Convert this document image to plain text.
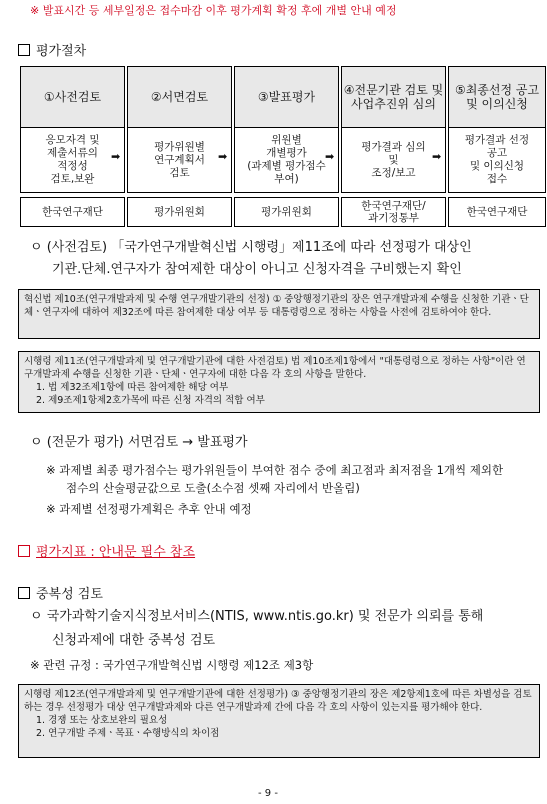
※ 발표시간 등 세부일정은 접수마감 이후 평가계획 확정 후에 개별 안내 예정
평가절차
①사전검토
응모자격 및
제출서류의
적정성
검토,보완
한국연구재단
➡
②서면검토
평가위원별
연구계획서
검토
평가위원회
➡
③발표평가
위원별
개별평가
(과제별 평가점수
부여)
평가위원회
➡
④전문기관 검토 및 사업추진위 심의
평가결과 심의
및
조정/보고
한국연구재단/
과기정통부
➡
⑤최종선정 공고 및 이의신청
평가결과 선정
공고
및 이의신청
접수
한국연구재단
ㅇ (사전검토) 「국가연구개발혁신법 시행령」제11조에 따라 선정평가 대상인
기관.단체.연구자가 참여제한 대상이 아니고 신청자격을 구비했는지 확인
혁신법 제10조(연구개발과제 및 수행 연구개발기관의 선정) ① 중앙행정기관의 장은 연구개발과제 수행을 신청한 기관ㆍ단체ㆍ연구자에 대하여 제32조에 따른 참여제한 대상 여부 등 대통령령으로 정하는 사항을 사전에 검토하여야 한다.
시행령 제11조(연구개발과제 및 연구개발기관에 대한 사전검토) 법 제10조제1항에서 "대통령령으로 정하는 사항"이란 연구개발과제 수행을 신청한 기관ㆍ단체ㆍ연구자에 대한 다음 각 호의 사항을 말한다.
1. 법 제32조제1항에 따른 참여제한 해당 여부
2. 제9조제1항제2호가목에 따른 신청 자격의 적합 여부
ㅇ (전문가 평가) 서면검토 → 발표평가
※ 과제별 최종 평가점수는 평가위원들이 부여한 점수 중에 최고점과 최저점을 1개씩 제외한
점수의 산술평균값으로 도출(소수점 셋째 자리에서 반올림)
※ 과제별 선정평가계획은 추후 안내 예정
평가지표 : 안내문 필수 참조
중복성 검토
ㅇ 국가과학기술지식정보서비스(NTIS, www.ntis.go.kr) 및 전문가 의뢰를 통해
신청과제에 대한 중복성 검토
※ 관련 규정 : 국가연구개발혁신법 시행령 제12조 제3항
시행령 제12조(연구개발과제 및 연구개발기관에 대한 선정평가) ③ 중앙행정기관의 장은 제2항제1호에 따른 차별성을 검토하는 경우 선정평가 대상 연구개발과제와 다른 연구개발과제 간에 다음 각 호의 사항이 있는지를 평가해야 한다.
1. 경쟁 또는 상호보완의 필요성
2. 연구개발 주제ㆍ목표ㆍ수행방식의 차이점
- 9 -
